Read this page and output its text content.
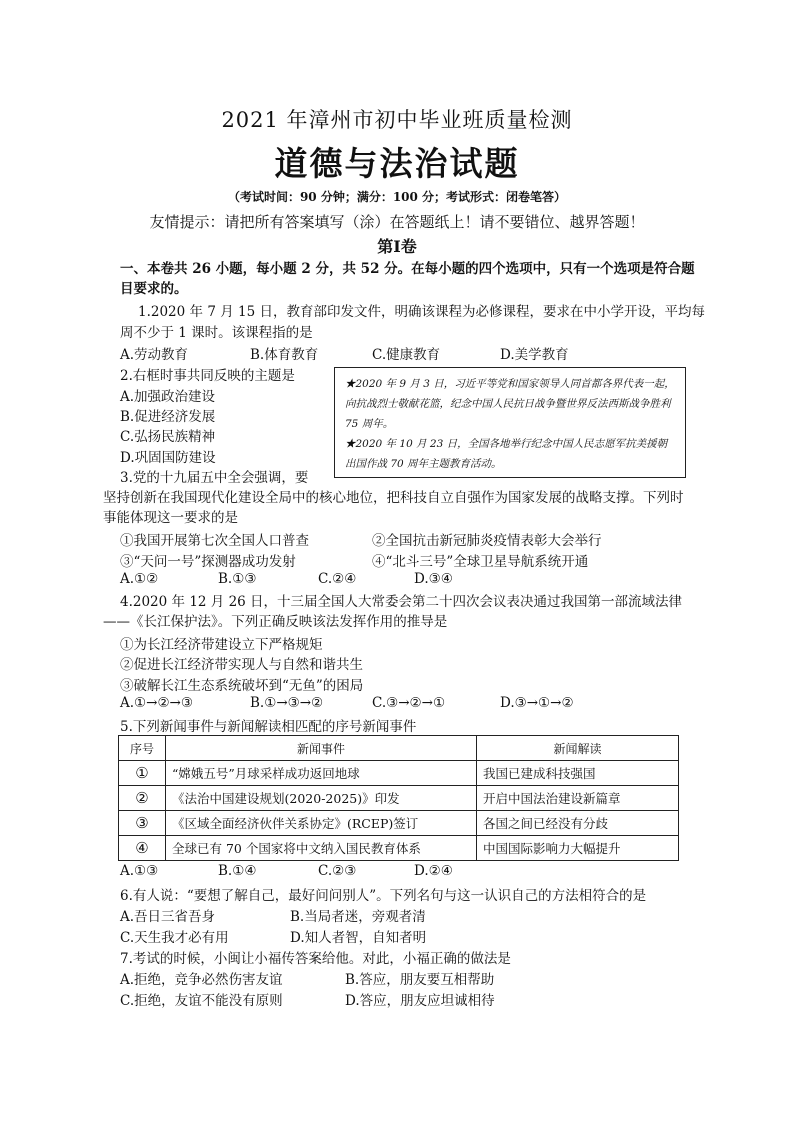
2021 年漳州市初中毕业班质量检测
道德与法治试题
（考试时间：90 分钟；满分：100 分；考试形式：闭卷笔答）
友情提示：请把所有答案填写（涂）在答题纸上！请不要错位、越界答题！
第Ⅰ卷
一、本卷共 26 小题，每小题 2 分，共 52 分。在每小题的四个选项中，只有一个选项是符合题
目要求的。
1.2020 年 7 月 15 日，教育部印发文件，明确该课程为必修课程，要求在中小学开设，平均每
周不少于 1 课时。该课程指的是
A.劳动教育	B.体育教育	C.健康教育	D.美学教育
2.右框时事共同反映的主题是
A.加强政治建设
B.促进经济发展
C.弘扬民族精神
D.巩固国防建设

★2020 年 9 月 3 日，习近平等党和国家领导人同首都各界代表一起，向抗战烈士敬献花篮，纪念中国人民抗日战争暨世界反法西斯战争胜利 75 周年。

★2020 年 10 月 23 日，全国各地举行纪念中国人民志愿军抗美援朝出国作战 70 周年主题教育活动。

3.党的十九届五中全会强调，要
坚持创新在我国现代化建设全局中的核心地位，把科技自立自强作为国家发展的战略支撑。下列时
事能体现这一要求的是
①我国开展第七次全国人口普查	②全国抗击新冠肺炎疫情表彰大会举行
③“天问一号”探测器成功发射	④“北斗三号”全球卫星导航系统开通
A.①②	B.①③	C.②④	D.③④
4.2020 年 12 月 26 日，十三届全国人大常委会第二十四次会议表决通过我国第一部流域法律
——《长江保护法》。下列正确反映该法发挥作用的推导是
①为长江经济带建设立下严格规矩
②促进长江经济带实现人与自然和谐共生
③破解长江生态系统破坏到“无鱼”的困局
A.①→②→③	B.①→③→②	C.③→②→①	D.③→①→②
5.下列新闻事件与新闻解读相匹配的序号新闻事件
序号	新闻事件	新闻解读
①	“嫦娥五号”月球采样成功返回地球	我国已建成科技强国
②	《法治中国建设规划(2020-2025)》印发	开启中国法治建设新篇章
③	《区域全面经济伙伴关系协定》(RCEP)签订	各国之间已经没有分歧
④	全球已有 70 个国家将中文纳入国民教育体系	中国国际影响力大幅提升
A.①③	B.①④	C.②③	D.②④
6.有人说：“要想了解自己，最好问问别人”。下列名句与这一认识自己的方法相符合的是
A.吾日三省吾身	B.当局者迷，旁观者清
C.天生我才必有用	D.知人者智，自知者明
7.考试的时候，小闽让小福传答案给他。对此，小福正确的做法是
A.拒绝，竞争必然伤害友谊	B.答应，朋友要互相帮助
C.拒绝，友谊不能没有原则	D.答应，朋友应坦诚相待
